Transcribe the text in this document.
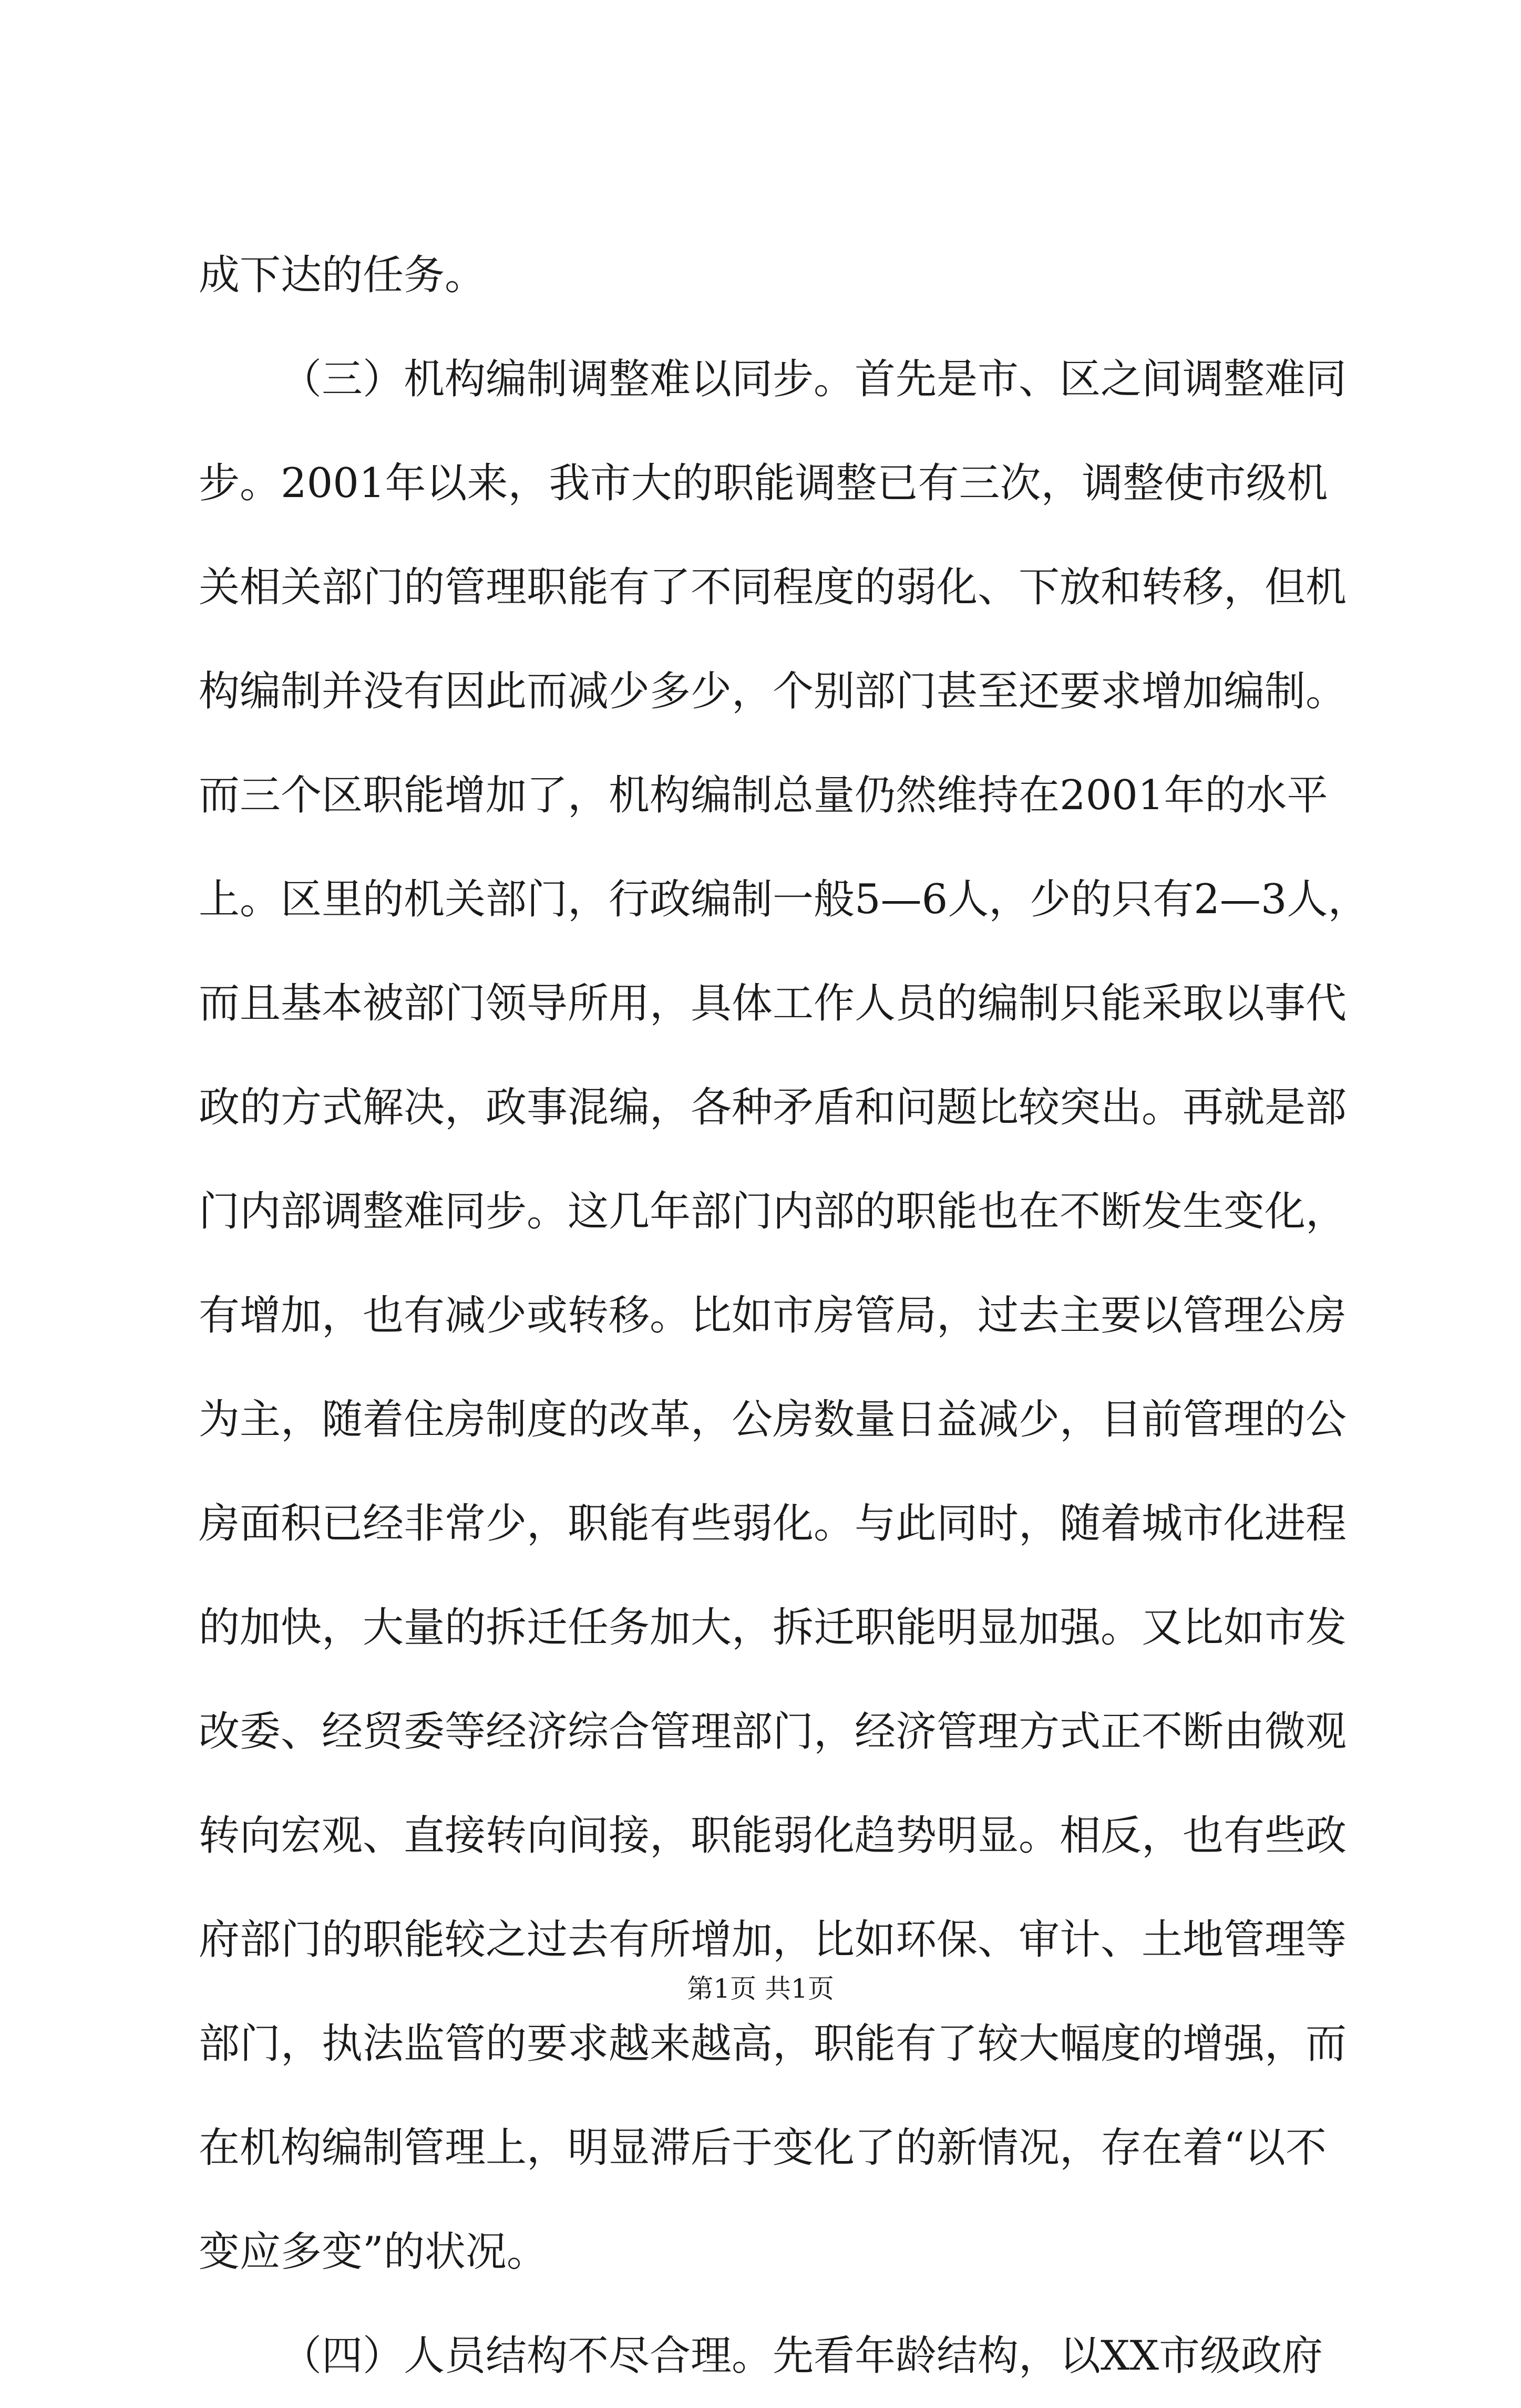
成下达的任务。
（三）机构编制调整难以同步。首先是市、区之间调整难同
步。2001年以来，我市大的职能调整已有三次，调整使市级机
关相关部门的管理职能有了不同程度的弱化、下放和转移，但机
构编制并没有因此而减少多少，个别部门甚至还要求增加编制。
而三个区职能增加了，机构编制总量仍然维持在2001年的水平
上。区里的机关部门，行政编制一般5—6人，少的只有2—3人，
而且基本被部门领导所用，具体工作人员的编制只能采取以事代
政的方式解决，政事混编，各种矛盾和问题比较突出。再就是部
门内部调整难同步。这几年部门内部的职能也在不断发生变化，
有增加，也有减少或转移。比如市房管局，过去主要以管理公房
为主，随着住房制度的改革，公房数量日益减少，目前管理的公
房面积已经非常少，职能有些弱化。与此同时，随着城市化进程
的加快，大量的拆迁任务加大，拆迁职能明显加强。又比如市发
改委、经贸委等经济综合管理部门，经济管理方式正不断由微观
转向宏观、直接转向间接，职能弱化趋势明显。相反，也有些政
府部门的职能较之过去有所增加，比如环保、审计、土地管理等
部门，执法监管的要求越来越高，职能有了较大幅度的增强，而
在机构编制管理上，明显滞后于变化了的新情况，存在着“以不
变应多变”的状况。
（四）人员结构不尽合理。先看年龄结构，以XX市级政府
第1页 共1页
